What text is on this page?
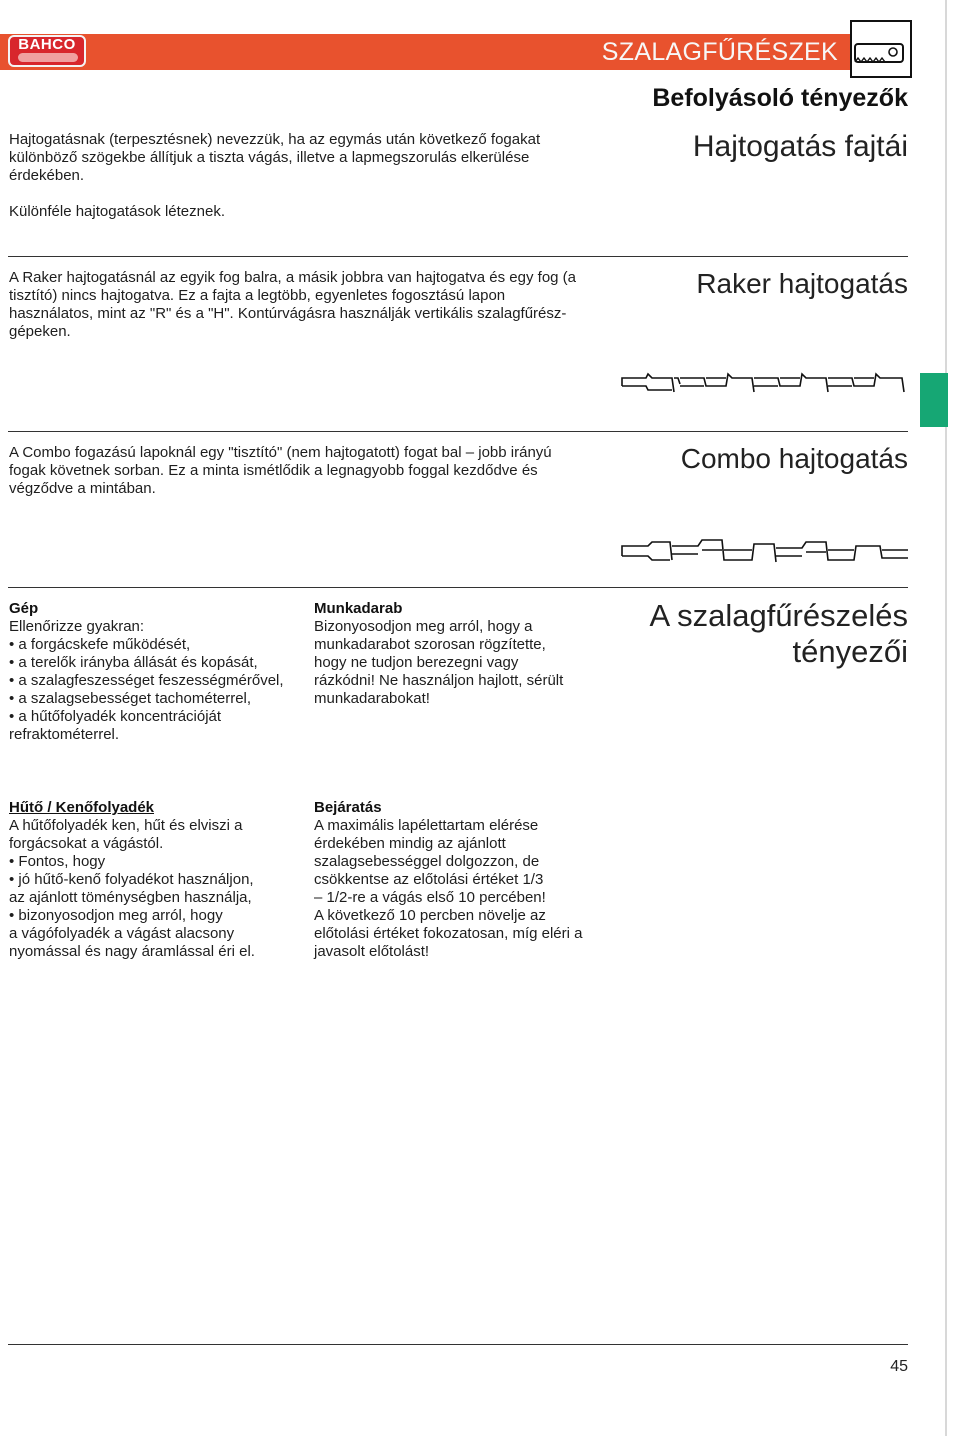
BAHCO	SZALAGFŰRÉSZEK
Befolyásoló tényezők
Hajtogatás fajtái
Hajtogatásnak (terpesztésnek) nevezzük, ha az egymás után következő fogakat különböző szögekbe állítjuk a tiszta vágás, illetve a lapmegszorulás elkerülése érdekében.
Különféle hajtogatások léteznek.
A Raker hajtogatásnál az egyik fog balra, a másik jobbra van hajtogatva és egy fog (a tisztító) nincs hajtogatva. Ez a fajta a legtöbb, egyenletes fogosztású lapon használatos, mint az "R" és a "H". Kontúrvágásra használják vertikális szalagfűrész-gépeken.
Raker hajtogatás
A Combo fogazású lapoknál egy "tisztító" (nem hajtogatott) fogat bal – jobb irányú fogak követnek sorban. Ez a minta ismétlődik a legnagyobb foggal kezdődve és végződve a mintában.
Combo hajtogatás
A szalagfűrészelés
tényezői
Gép
Ellenőrizze gyakran:
• a forgácskefe működését,
• a terelők irányba állását és kopását,
• a szalagfeszességet feszességmérővel,
• a szalagsebességet tachométerrel,
• a hűtőfolyadék koncentrációját
refraktométerrel.
Munkadarab
Bizonyosodjon meg arról, hogy a
munkadarabot szorosan rögzítette,
hogy ne tudjon berezegni vagy
rázkódni! Ne használjon hajlott, sérült
munkadarabokat!
Hűtő / Kenőfolyadék
A hűtőfolyadék ken, hűt és elviszi a
forgácsokat a vágástól.
• Fontos, hogy
• jó hűtő-kenő folyadékot használjon,
az ajánlott töménységben használja,
• bizonyosodjon meg arról, hogy
a vágófolyadék a vágást alacsony
nyomással és nagy áramlással éri el.
Bejáratás
A maximális lapélettartam elérése
érdekében mindig az ajánlott
szalagsebességgel dolgozzon, de
csökkentse az előtolási értéket 1/3
– 1/2-re a vágás első 10 percében!
A következő 10 percben növelje az
előtolási értéket fokozatosan, míg eléri a
javasolt előtolást!
45
